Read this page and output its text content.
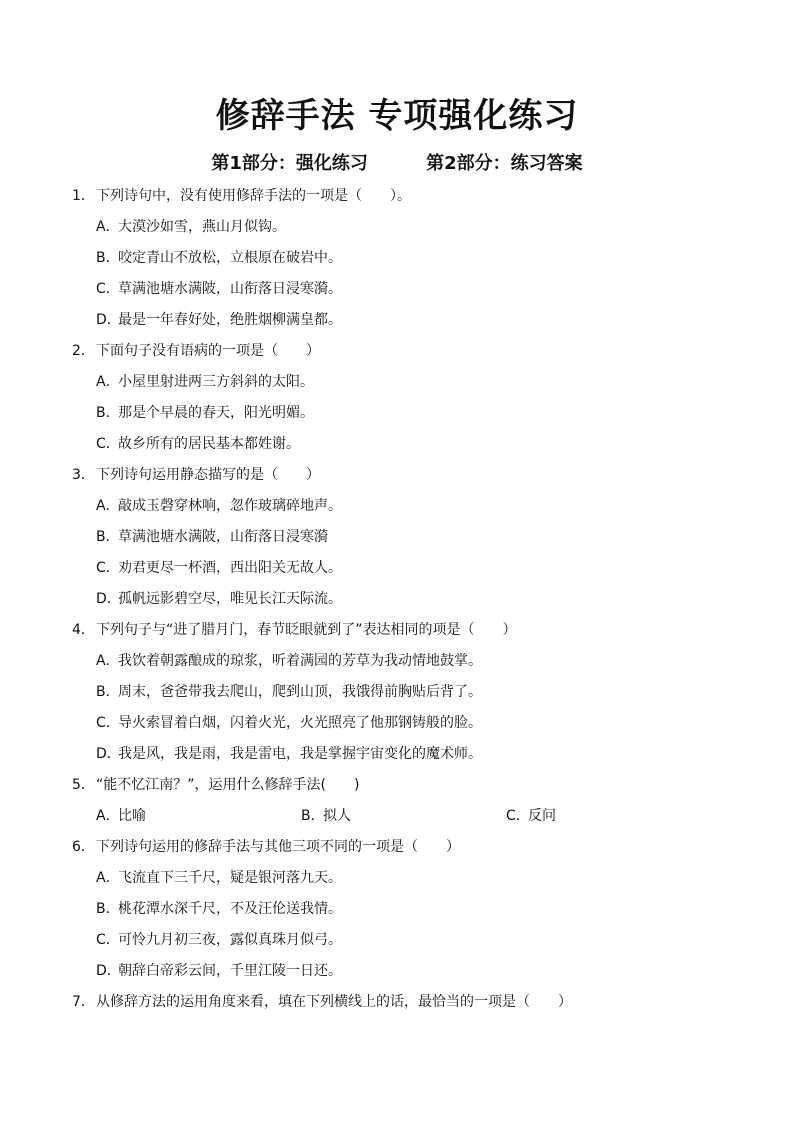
修辞手法 专项强化练习
第1部分：强化练习	第2部分：练习答案
1．下列诗句中，没有使用修辞手法的一项是（　　）。
A．大漠沙如雪，燕山月似钩。
B．咬定青山不放松，立根原在破岩中。
C．草满池塘水满陂，山衔落日浸寒漪。
D．最是一年春好处，绝胜烟柳满皇都。
2．下面句子没有语病的一项是（　　）
A．小屋里射进两三方斜斜的太阳。
B．那是个早晨的春天，阳光明媚。
C．故乡所有的居民基本都姓谢。
3．下列诗句运用静态描写的是（　　）
A．敲成玉磬穿林响，忽作玻璃碎地声。
B．草满池塘水满陂，山衔落日浸寒漪
C．劝君更尽一杯酒，西出阳关无故人。
D．孤帆远影碧空尽，唯见长江天际流。
4．下列句子与“进了腊月门，春节眨眼就到了”表达相同的项是（　　）
A．我饮着朝露酿成的琼浆，听着满园的芳草为我动情地鼓掌。
B．周末，爸爸带我去爬山，爬到山顶，我饿得前胸贴后背了。
C．导火索冒着白烟，闪着火光，火光照亮了他那钢铸般的脸。
D．我是风，我是雨，我是雷电，我是掌握宇宙变化的魔术师。
5．“能不忆江南？”，运用什么修辞手法(　　)
A．比喻	B．拟人	C．反问
6．下列诗句运用的修辞手法与其他三项不同的一项是（　　）
A．飞流直下三千尺，疑是银河落九天。
B．桃花潭水深千尺，不及汪伦送我情。
C．可怜九月初三夜，露似真珠月似弓。
D．朝辞白帝彩云间，千里江陵一日还。
7．从修辞方法的运用角度来看，填在下列横线上的话，最恰当的一项是（　　）
